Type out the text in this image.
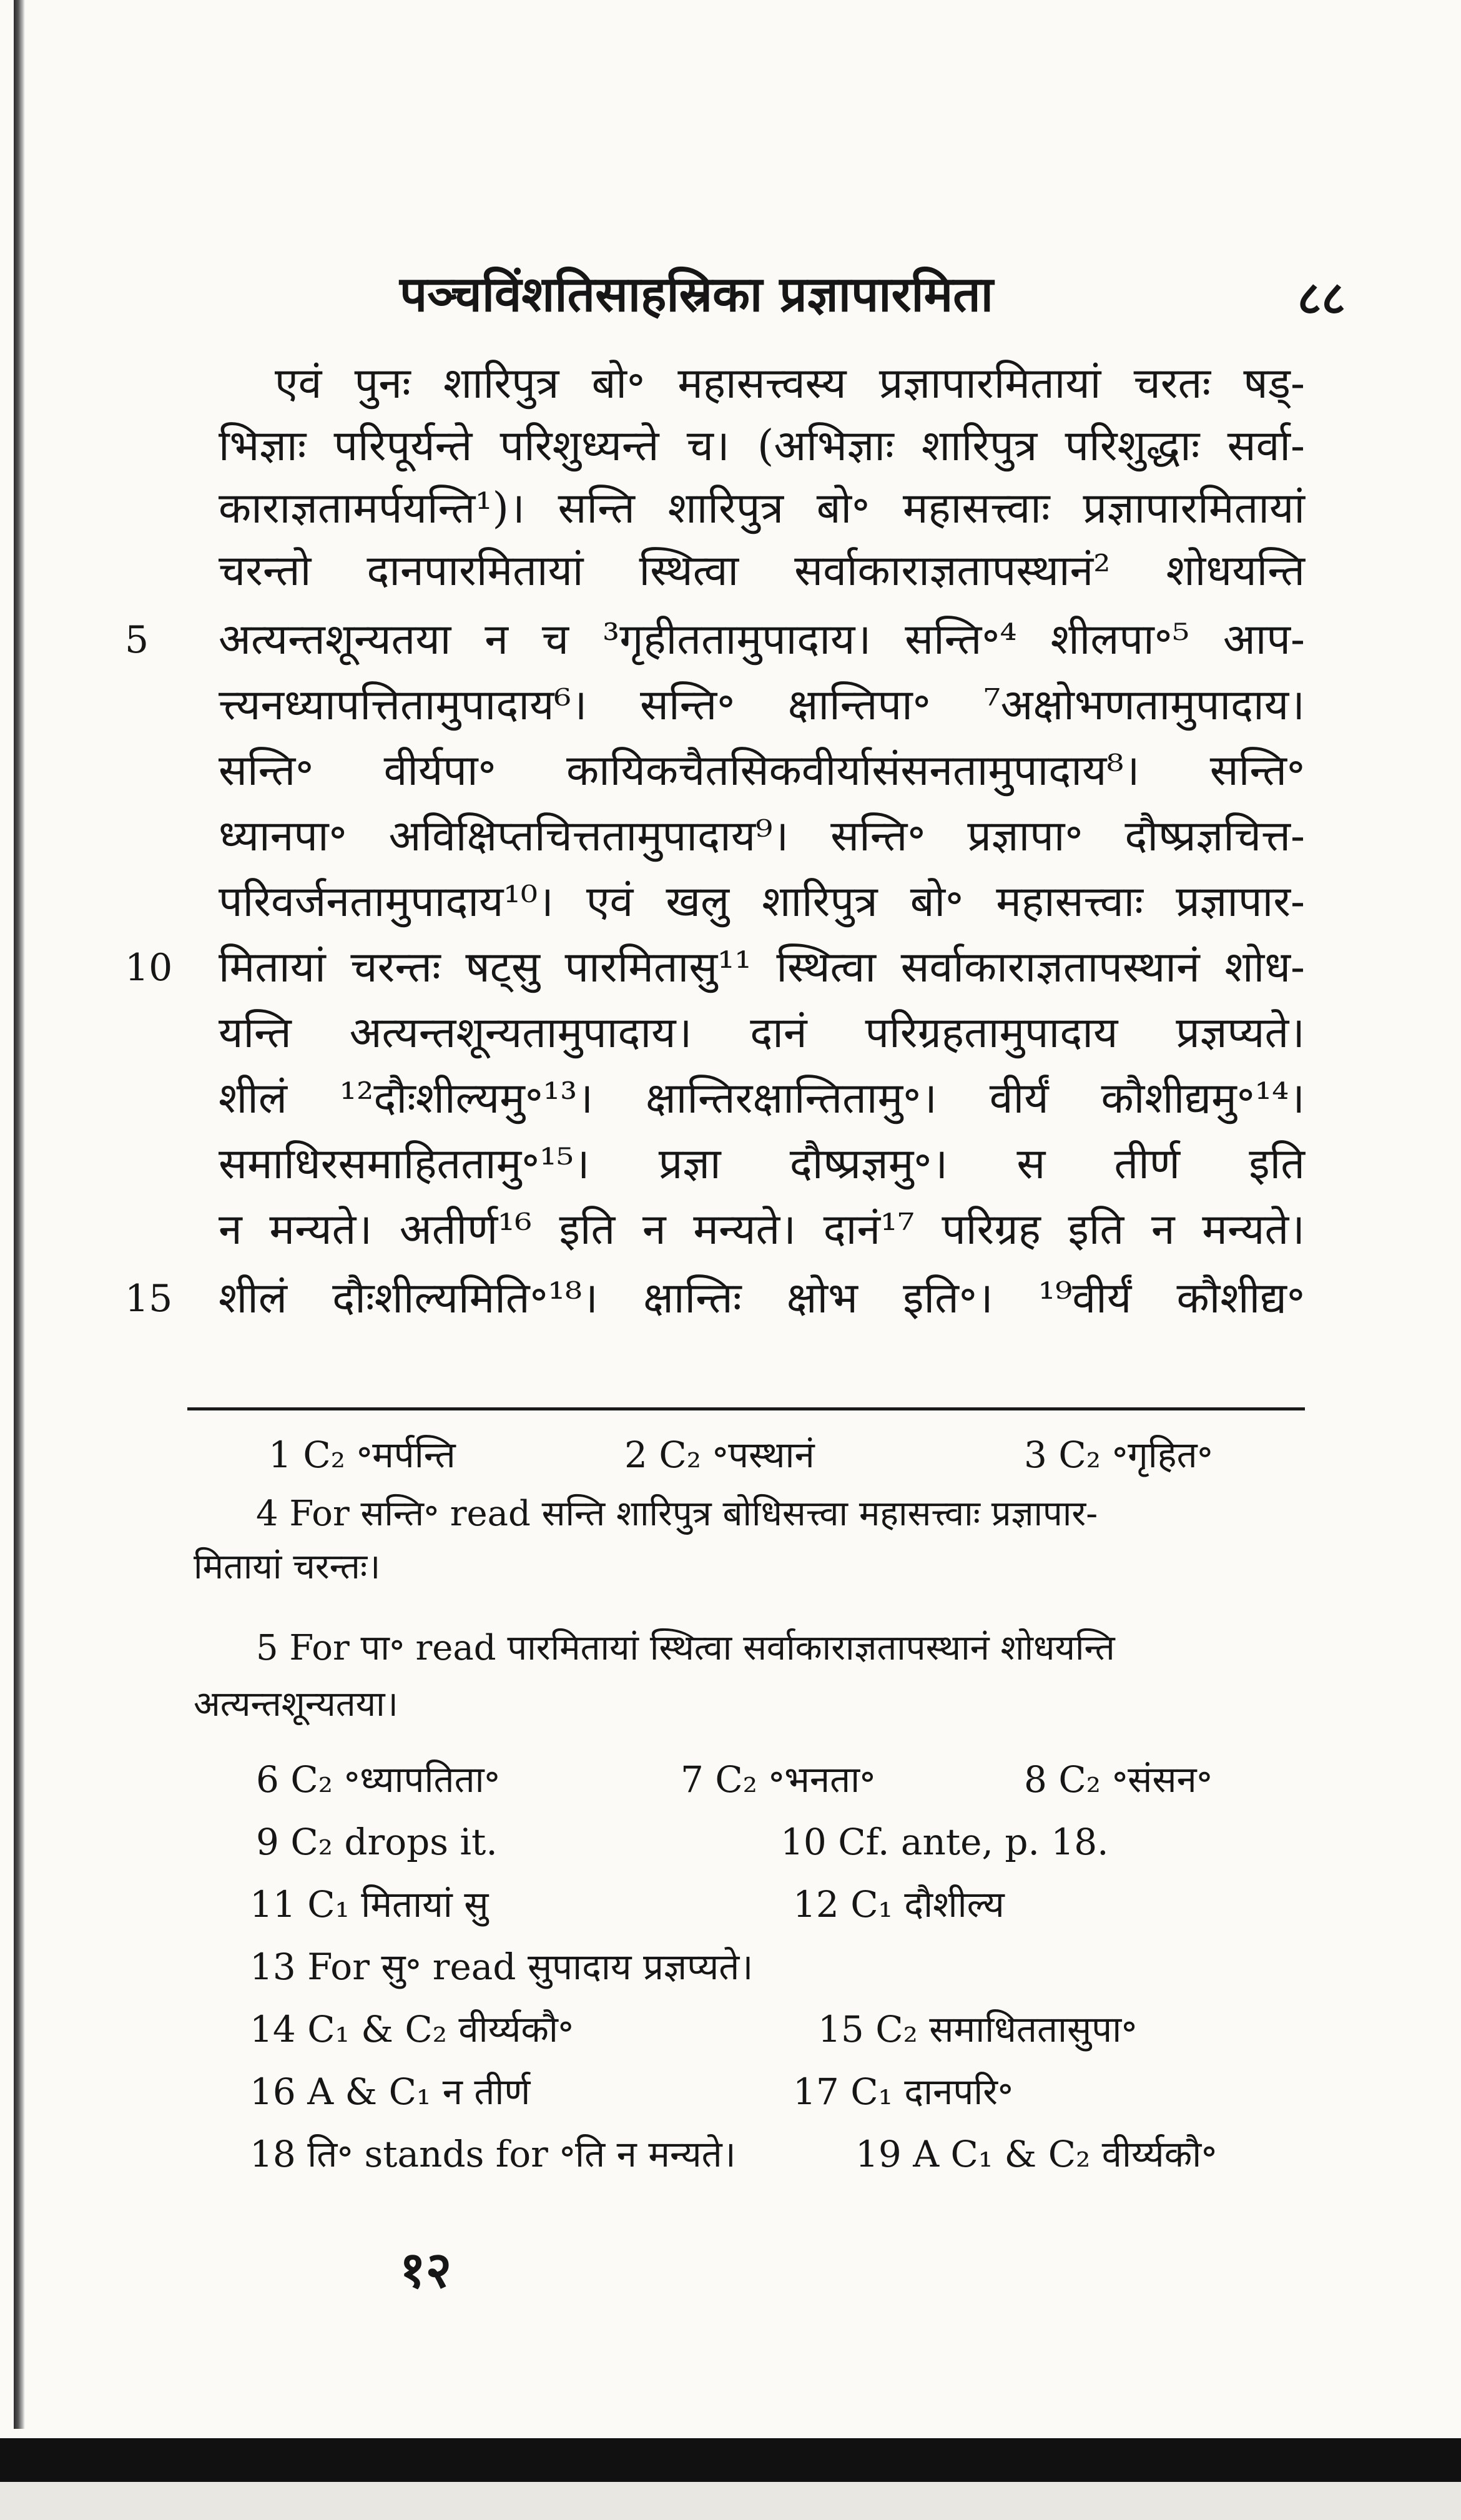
पञ्चविंशतिसाहस्रिका प्रज्ञापारमिता	८८
एवं पुनः शारिपुत्र बो॰ महासत्त्वस्य प्रज्ञापारमितायां चरतः षड्-
भिज्ञाः परिपूर्यन्ते परिशुध्यन्ते च। (अभिज्ञाः शारिपुत्र परिशुद्धाः सर्वा-
काराज्ञतामर्पयन्ति¹)। सन्ति शारिपुत्र बो॰ महासत्त्वाः प्रज्ञापारमितायां
चरन्तो दानपारमितायां स्थित्वा सर्वाकाराज्ञतापस्थानं² शोधयन्ति
5	अत्यन्तशून्यतया न च ³गृहीततामुपादाय। सन्ति॰⁴ शीलपा॰⁵ आप-
त्त्यनध्यापत्तितामुपादाय⁶। सन्ति॰ क्षान्तिपा॰ ⁷अक्षोभणतामुपादाय।
सन्ति॰ वीर्यपा॰ कायिकचैतसिकवीर्यासंसनतामुपादाय⁸। सन्ति॰
ध्यानपा॰ अविक्षिप्तचित्ततामुपादाय⁹। सन्ति॰ प्रज्ञापा॰ दौष्प्रज्ञचित्त-
परिवर्जनतामुपादाय¹⁰। एवं खलु शारिपुत्र बो॰ महासत्त्वाः प्रज्ञापार-
10	मितायां चरन्तः षट्सु पारमितासु¹¹ स्थित्वा सर्वाकाराज्ञतापस्थानं शोध-
यन्ति अत्यन्तशून्यतामुपादाय। दानं परिग्रहतामुपादाय प्रज्ञप्यते।
शीलं ¹²दौःशील्यमु॰¹³। क्षान्तिरक्षान्तितामु॰। वीर्यं कौशीद्यमु॰¹⁴।
समाधिरसमाहिततामु॰¹⁵। प्रज्ञा दौष्प्रज्ञमु॰। स तीर्ण इति
न मन्यते। अतीर्ण¹⁶ इति न मन्यते। दानं¹⁷ परिग्रह इति न मन्यते।
15	शीलं दौःशील्यमिति॰¹⁸। क्षान्तिः क्षोभ इति॰। ¹⁹वीर्यं कौशीद्य॰
1 C₂ ॰मर्पन्ति	2 C₂ ॰पस्थानं	3 C₂ ॰गृहित॰
4 For सन्ति॰ read सन्ति शारिपुत्र बोधिसत्त्वा महासत्त्वाः प्रज्ञापार-
मितायां चरन्तः।
5 For पा॰ read पारमितायां स्थित्वा सर्वाकाराज्ञतापस्थानं शोधयन्ति
अत्यन्तशून्यतया।
6 C₂ ॰ध्यापतिता॰	7 C₂ ॰भनता॰	8 C₂ ॰संसन॰
9 C₂ drops it.	10 Cf. ante, p. 18.
11 C₁ मितायां सु	12 C₁ दौशील्य
13 For सु॰ read सुपादाय प्रज्ञप्यते।
14 C₁ & C₂ वीर्य्यकौ॰	15 C₂ समाधिततासुपा॰
16 A & C₁ न तीर्ण	17 C₁ दानपरि॰
18 ति॰ stands for ॰ति न मन्यते।	19 A C₁ & C₂ वीर्य्यकौ॰
१२
